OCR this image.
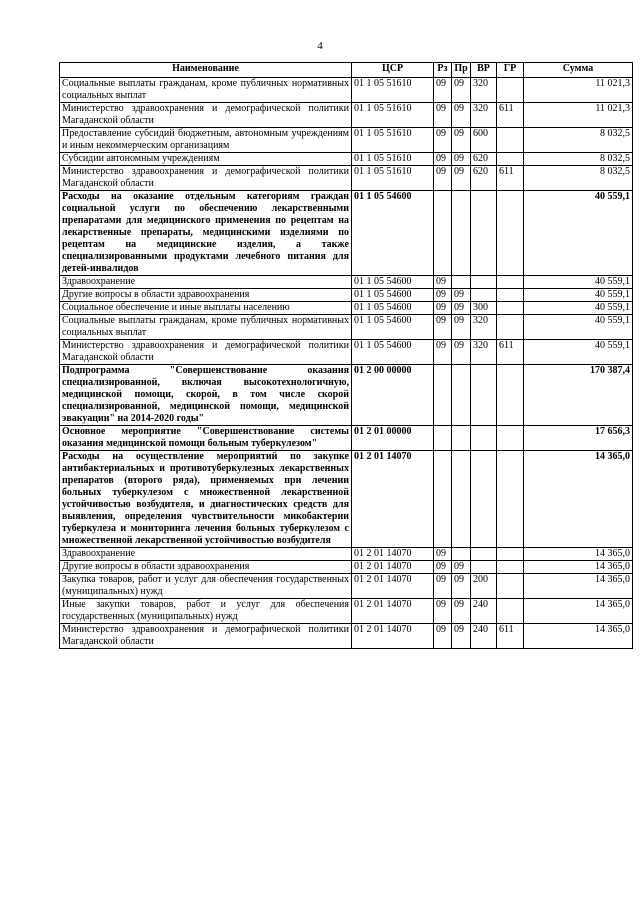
4
Наименование	ЦСР	Рз	Пр	ВР	ГР	Сумма
Социальные выплаты гражданам, кроме публичных нормативных социальных выплат	01 1 05 51610	09	09	320		11 021,3
Министерство здравоохранения и демографической политики Магаданской области	01 1 05 51610	09	09	320	611	11 021,3
Предоставление субсидий бюджетным, автономным учреждениям и иным некоммерческим организациям	01 1 05 51610	09	09	600		8 032,5
Субсидии автономным учреждениям	01 1 05 51610	09	09	620		8 032,5
Министерство здравоохранения и демографической политики Магаданской области	01 1 05 51610	09	09	620	611	8 032,5
Расходы на оказание отдельным категориям граждан социальной услуги по обеспечению лекарственными препаратами для медицинского применения по рецептам на лекарственные препараты, медицинскими изделиями по рецептам на медицинские изделия, а также специализированными продуктами лечебного питания для детей-инвалидов	01 1 05 54600					40 559,1
Здравоохранение	01 1 05 54600	09				40 559,1
Другие вопросы в области здравоохранения	01 1 05 54600	09	09			40 559,1
Социальное обеспечение и иные выплаты населению	01 1 05 54600	09	09	300		40 559,1
Социальные выплаты гражданам, кроме публичных нормативных социальных выплат	01 1 05 54600	09	09	320		40 559,1
Министерство здравоохранения и демографической политики Магаданской области	01 1 05 54600	09	09	320	611	40 559,1
Подпрограмма "Совершенствование оказания специализированной, включая высокотехнологичную, медицинской помощи, скорой, в том числе скорой специализированной, медицинской помощи, медицинской эвакуации" на 2014-2020 годы"	01 2 00 00000					170 387,4
Основное мероприятие "Совершенствование системы оказания медицинской помощи больным туберкулезом"	01 2 01 00000					17 656,3
Расходы на осуществление мероприятий по закупке антибактериальных и противотуберкулезных лекарственных препаратов (второго ряда), применяемых при лечении больных туберкулезом с множественной лекарственной устойчивостью возбудителя, и диагностических средств для выявления, определения чувствительности микобактерии туберкулеза и мониторинга лечения больных туберкулезом с множественной лекарственной устойчивостью возбудителя	01 2 01 14070					14 365,0
Здравоохранение	01 2 01 14070	09				14 365,0
Другие вопросы в области здравоохранения	01 2 01 14070	09	09			14 365,0
Закупка товаров, работ и услуг для обеспечения государственных (муниципальных) нужд	01 2 01 14070	09	09	200		14 365,0
Иные закупки товаров, работ и услуг для обеспечения государственных (муниципальных) нужд	01 2 01 14070	09	09	240		14 365,0
Министерство здравоохранения и демографической политики Магаданской области	01 2 01 14070	09	09	240	611	14 365,0
